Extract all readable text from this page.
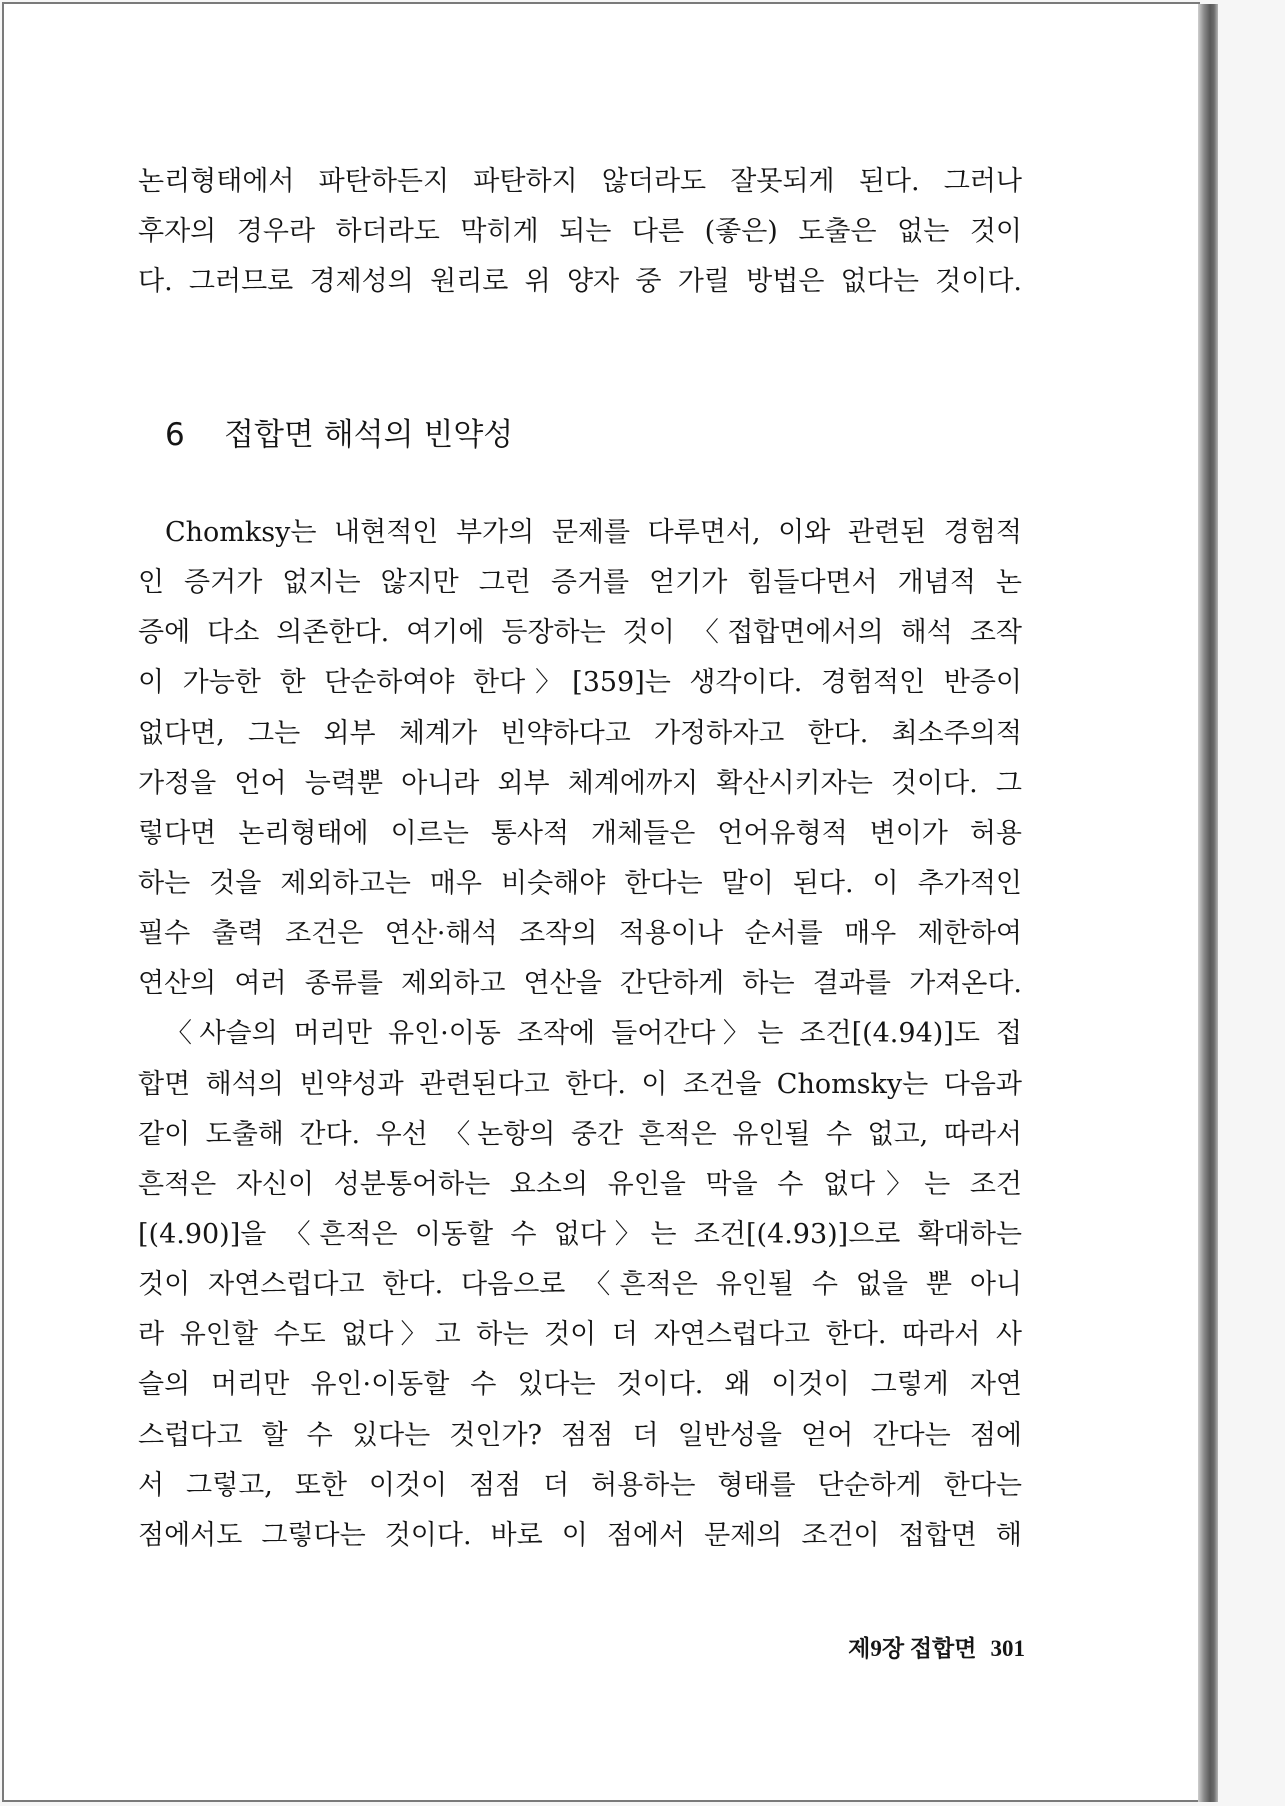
논리형태에서 파탄하든지 파탄하지 않더라도 잘못되게 된다. 그러나
후자의 경우라 하더라도 막히게 되는 다른 (좋은) 도출은 없는 것이
다. 그러므로 경제성의 원리로 위 양자 중 가릴 방법은 없다는 것이다.
6 접합면 해석의 빈약성
Chomksy는 내현적인 부가의 문제를 다루면서, 이와 관련된 경험적
인 증거가 없지는 않지만 그런 증거를 얻기가 힘들다면서 개념적 논
증에 다소 의존한다. 여기에 등장하는 것이 〈접합면에서의 해석 조작
이 가능한 한 단순하여야 한다〉[359]는 생각이다. 경험적인 반증이
없다면, 그는 외부 체계가 빈약하다고 가정하자고 한다. 최소주의적
가정을 언어 능력뿐 아니라 외부 체계에까지 확산시키자는 것이다. 그
렇다면 논리형태에 이르는 통사적 개체들은 언어유형적 변이가 허용
하는 것을 제외하고는 매우 비슷해야 한다는 말이 된다. 이 추가적인
필수 출력 조건은 연산·해석 조작의 적용이나 순서를 매우 제한하여
연산의 여러 종류를 제외하고 연산을 간단하게 하는 결과를 가져온다.
〈사슬의 머리만 유인·이동 조작에 들어간다〉는 조건[(4.94)]도 접
합면 해석의 빈약성과 관련된다고 한다. 이 조건을 Chomsky는 다음과
같이 도출해 간다. 우선 〈논항의 중간 흔적은 유인될 수 없고, 따라서
흔적은 자신이 성분통어하는 요소의 유인을 막을 수 없다〉는 조건
[(4.90)]을 〈흔적은 이동할 수 없다〉는 조건[(4.93)]으로 확대하는
것이 자연스럽다고 한다. 다음으로 〈흔적은 유인될 수 없을 뿐 아니
라 유인할 수도 없다〉고 하는 것이 더 자연스럽다고 한다. 따라서 사
슬의 머리만 유인·이동할 수 있다는 것이다. 왜 이것이 그렇게 자연
스럽다고 할 수 있다는 것인가? 점점 더 일반성을 얻어 간다는 점에
서 그렇고, 또한 이것이 점점 더 허용하는 형태를 단순하게 한다는
점에서도 그렇다는 것이다. 바로 이 점에서 문제의 조건이 접합면 해
제9장 접합면 301
